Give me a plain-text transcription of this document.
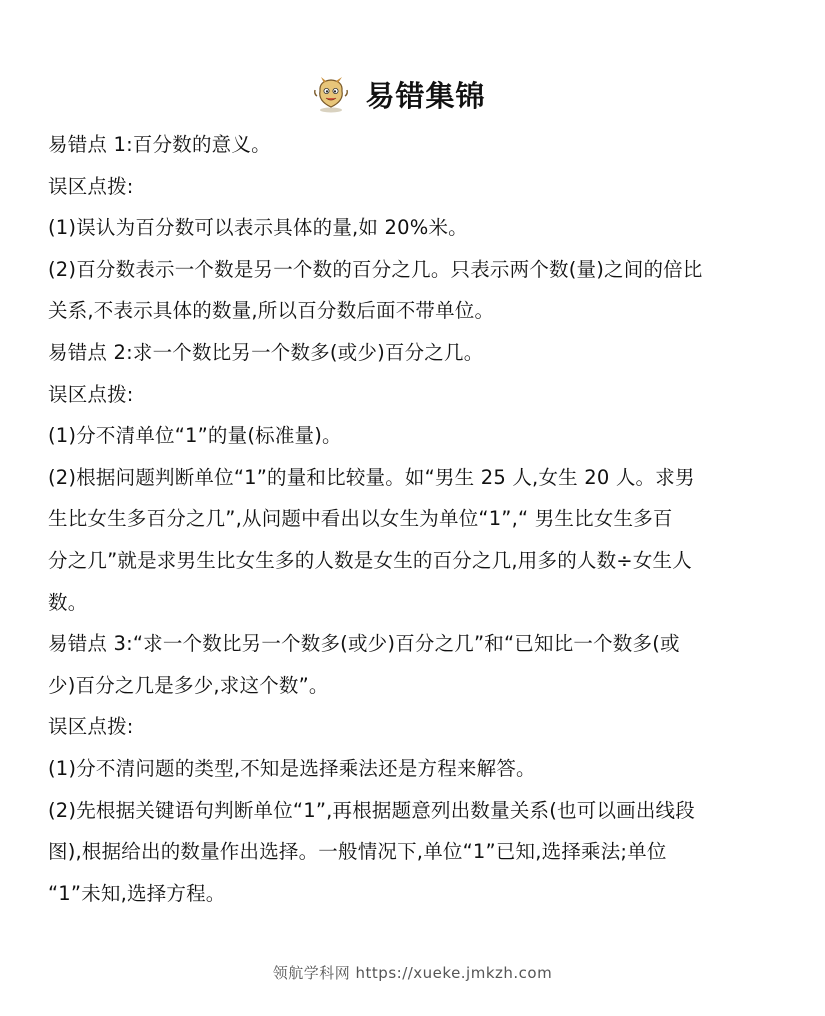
易错集锦
易错点 1:百分数的意义。
误区点拨:
(1)误认为百分数可以表示具体的量,如 20%米。
(2)百分数表示一个数是另一个数的百分之几。只表示两个数(量)之间的倍比
关系,不表示具体的数量,所以百分数后面不带单位。
易错点 2:求一个数比另一个数多(或少)百分之几。
误区点拨:
(1)分不清单位“1”的量(标准量)。
(2)根据问题判断单位“1”的量和比较量。如“男生 25 人,女生 20 人。求男
生比女生多百分之几”,从问题中看出以女生为单位“1”,“ 男生比女生多百
分之几”就是求男生比女生多的人数是女生的百分之几,用多的人数÷女生人
数。
易错点 3:“求一个数比另一个数多(或少)百分之几”和“已知比一个数多(或
少)百分之几是多少,求这个数”。
误区点拨:
(1)分不清问题的类型,不知是选择乘法还是方程来解答。
(2)先根据关键语句判断单位“1”,再根据题意列出数量关系(也可以画出线段
图),根据给出的数量作出选择。一般情况下,单位“1”已知,选择乘法;单位
“1”未知,选择方程。
领航学科网 https://xueke.jmkzh.com
